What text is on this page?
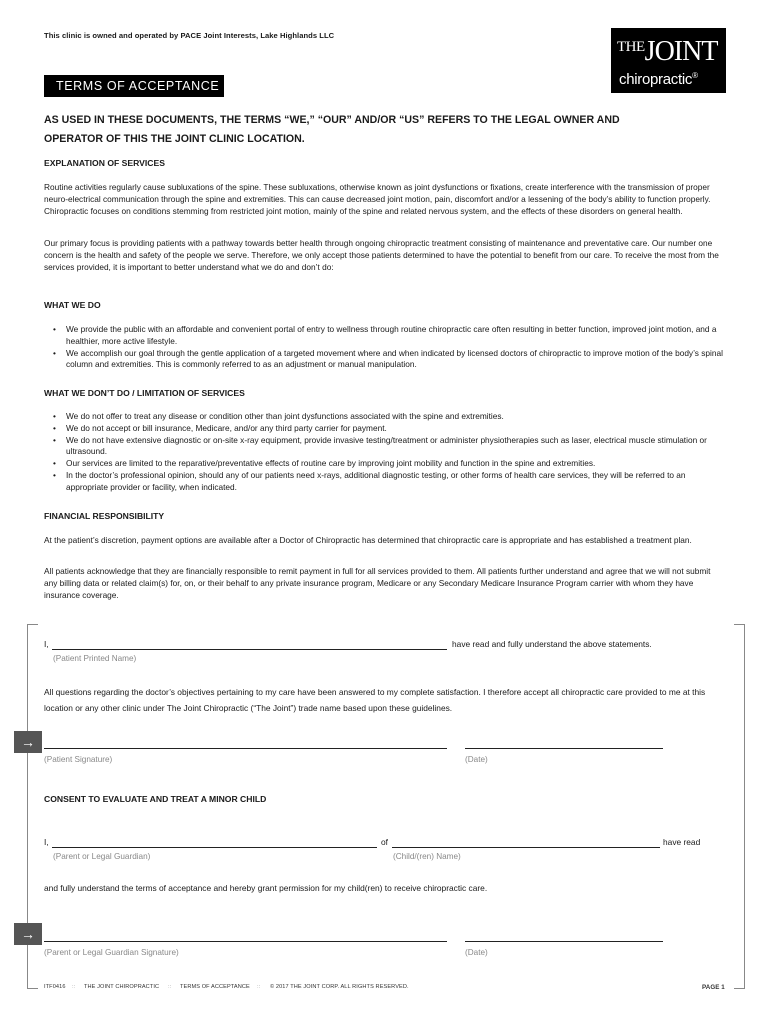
This clinic is owned and operated by PACE Joint Interests, Lake Highlands LLC
$^{THE}$JOINT
chiropractic®
TERMS OF ACCEPTANCE
AS USED IN THESE DOCUMENTS, THE TERMS “WE,” “OUR” AND/OR “US” REFERS TO THE LEGAL OWNER AND OPERATOR OF THIS THE JOINT CLINIC LOCATION.
EXPLANATION OF SERVICES
Routine activities regularly cause subluxations of the spine. These subluxations, otherwise known as joint dysfunctions or fixations, create interference with the transmission of proper neuro-electrical communication through the spine and extremities. This can cause decreased joint motion, pain, discomfort and/or a lessening of the body’s ability to function properly. Chiropractic focuses on conditions stemming from restricted joint motion, mainly of the spine and related nervous system, and the effects of these disorders on general health.
Our primary focus is providing patients with a pathway towards better health through ongoing chiropractic treatment consisting of maintenance and preventative care. Our number one concern is the health and safety of the people we serve. Therefore, we only accept those patients determined to have the potential to benefit from our care. To receive the most from the services provided, it is important to better understand what we do and don’t do:
WHAT WE DO
• We provide the public with an affordable and convenient portal of entry to wellness through routine chiropractic care often resulting in better function, improved joint motion, and a healthier, more active lifestyle.
• We accomplish our goal through the gentle application of a targeted movement where and when indicated by licensed doctors of chiropractic to improve motion of the body’s spinal column and extremities. This is commonly referred to as an adjustment or manual manipulation.
WHAT WE DON’T DO / LIMITATION OF SERVICES
• We do not offer to treat any disease or condition other than joint dysfunctions associated with the spine and extremities.
• We do not accept or bill insurance, Medicare, and/or any third party carrier for payment.
• We do not have extensive diagnostic or on-site x-ray equipment, provide invasive testing/treatment or administer physiotherapies such as laser, electrical muscle stimulation or ultrasound.
• Our services are limited to the reparative/preventative effects of routine care by improving joint mobility and function in the spine and extremities.
• In the doctor’s professional opinion, should any of our patients need x-rays, additional diagnostic testing, or other forms of health care services, they will be referred to an appropriate provider or facility, when indicated.
FINANCIAL RESPONSIBILITY
At the patient’s discretion, payment options are available after a Doctor of Chiropractic has determined that chiropractic care is appropriate and has established a treatment plan.
All patients acknowledge that they are financially responsible to remit payment in full for all services provided to them. All patients further understand and agree that we will not submit any billing data or related claim(s) for, on, or their behalf to any private insurance program, Medicare or any Secondary Medicare Insurance Program carrier with whom they have insurance coverage.
I,	have read and fully understand the above statements.
(Patient Printed Name)
All questions regarding the doctor’s objectives pertaining to my care have been answered to my complete satisfaction. I therefore accept all chiropractic care provided to me at this location or any other clinic under The Joint Chiropractic (“The Joint”) trade name based upon these guidelines.
→
(Patient Signature)	(Date)
CONSENT TO EVALUATE AND TREAT A MINOR CHILD
I,	of	have read
(Parent or Legal Guardian)	(Child/(ren) Name)
and fully understand the terms of acceptance and hereby grant permission for my child(ren) to receive chiropractic care.
→
(Parent or Legal Guardian Signature)	(Date)
ITF0416 :: THE JOINT CHIROPRACTIC :: TERMS OF ACCEPTANCE :: © 2017 THE JOINT CORP. ALL RIGHTS RESERVED.	PAGE 1
